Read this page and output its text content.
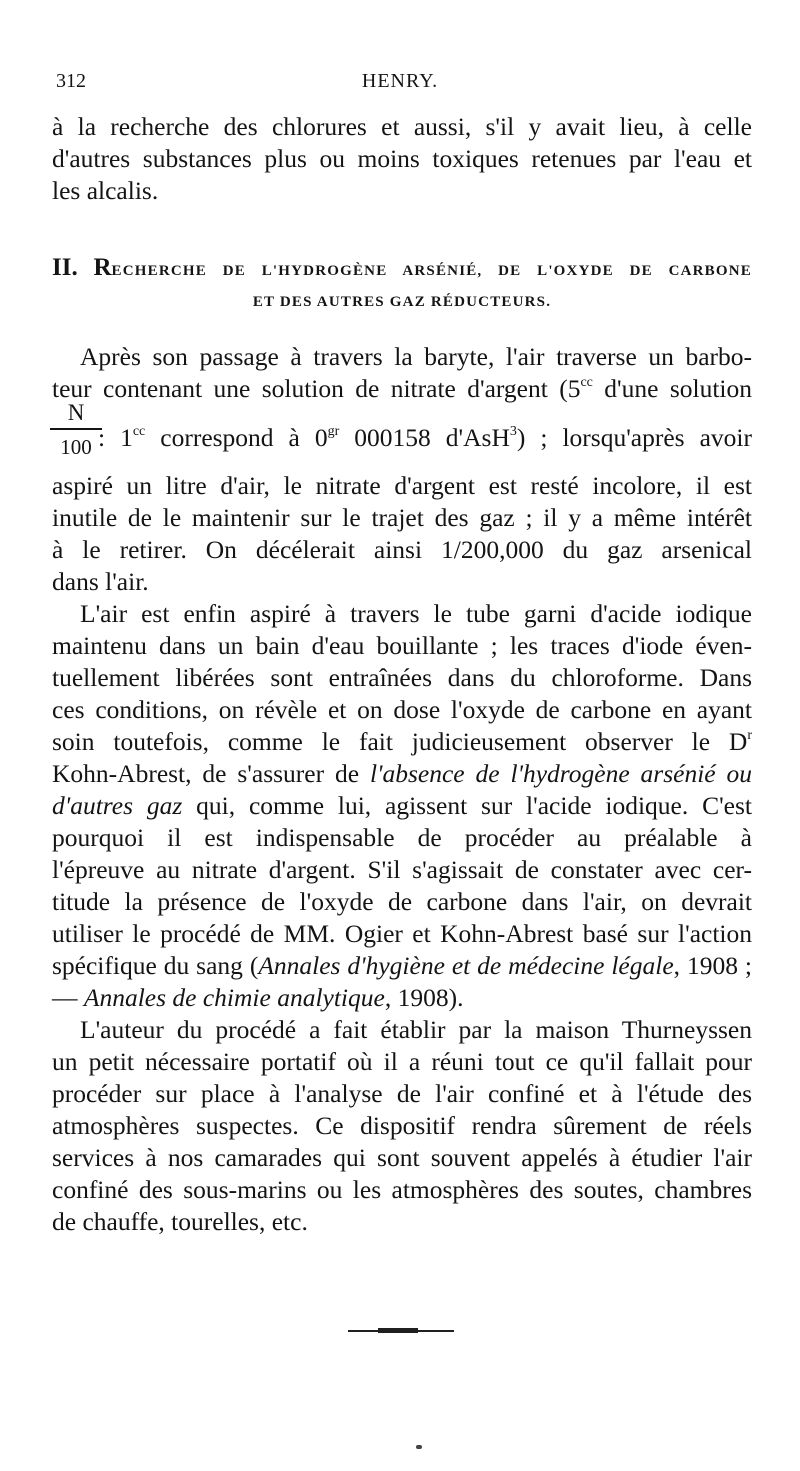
312	HENRY.
à la recherche des chlorures et aussi, s'il y avait lieu, à celle
d'autres substances plus ou moins toxiques retenues par l'eau et
les alcalis.
II. RECHERCHE DE L'HYDROGÈNE ARSÉNIÉ, DE L'OXYDE DE CARBONE
ET DES AUTRES GAZ RÉDUCTEURS.
Après son passage à travers la baryte, l'air traverse un barbo-
teur contenant une solution de nitrate d'argent ($5^{cc}$ d'une solution
$\frac{N}{100}$
: $1^{cc}$ correspond à $0^{gr}$ 000158 d'AsH$^3$) ; lorsqu'après avoir
aspiré un litre d'air, le nitrate d'argent est resté incolore, il est
inutile de le maintenir sur le trajet des gaz ; il y a même intérêt
à le retirer. On décélerait ainsi 1/200,000 du gaz arsenical
dans l'air.
L'air est enfin aspiré à travers le tube garni d'acide iodique
maintenu dans un bain d'eau bouillante ; les traces d'iode éven-
tuellement libérées sont entraînées dans du chloroforme. Dans
ces conditions, on révèle et on dose l'oxyde de carbone en ayant
soin toutefois, comme le fait judicieusement observer le $D^r$
Kohn-Abrest, de s'assurer de l'absence de l'hydrogène arsénié ou
d'autres gaz qui, comme lui, agissent sur l'acide iodique. C'est
pourquoi il est indispensable de procéder au préalable à
l'épreuve au nitrate d'argent. S'il s'agissait de constater avec cer-
titude la présence de l'oxyde de carbone dans l'air, on devrait
utiliser le procédé de MM. Ogier et Kohn-Abrest basé sur l'action
spécifique du sang (Annales d'hygiène et de médecine légale, 1908 ;
— Annales de chimie analytique, 1908).
L'auteur du procédé a fait établir par la maison Thurneyssen
un petit nécessaire portatif où il a réuni tout ce qu'il fallait pour
procéder sur place à l'analyse de l'air confiné et à l'étude des
atmosphères suspectes. Ce dispositif rendra sûrement de réels
services à nos camarades qui sont souvent appelés à étudier l'air
confiné des sous-marins ou les atmosphères des soutes, chambres
de chauffe, tourelles, etc.
